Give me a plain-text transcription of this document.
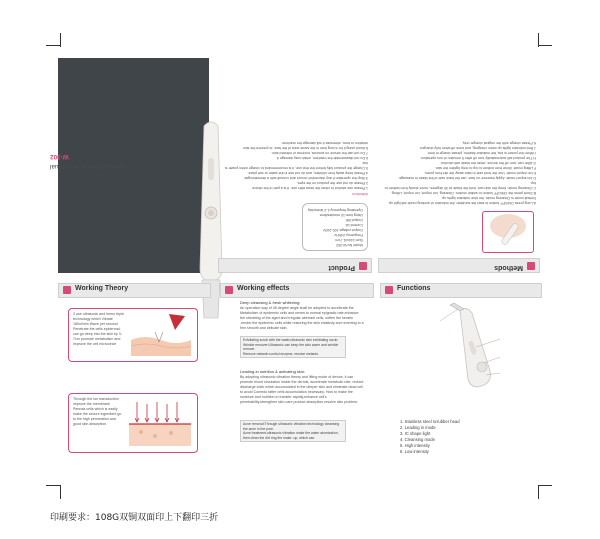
Skin scrubber user manual
W-302
Product
Model No:W-302
Size:144x41.7cm
Frequency:24KHz
Output voltage:100-240V
Current:1A
Output:3W
Using time:10 minutes/time
Operating frequency:1-2 times/day
Attention
1.Please use alcohol to clean the head after use. It is a part of the device.
2.Please do not use the product on the eyes.
3.Stop the operation if any discomfort occurs and consult with a dermatologist.
4.Please keep away from children, and do not use in the water or wet place.
5.Charge the product fully before the first use, it is recommended to charge when power is low.
6.Do not disassemble the machine, which may damage it.
7.Do not use the device on wounds, eczema or infected skin.
8.Avoid using it for a long time in the same area of the face, to prevent the skin
irritation or burn, otherwise it will damage the machine.
Methods
A.Long press ON/OFF button to start the scrubber, the indicator of working mode will light up.
Default mode is Cleaning mode, the blue indicator lights up.
B.Short press the ON/OFF button to switch modes: Cleaning, Ion import, Ion export, Lifting.
C.Cleaning mode: Keep the skin wet, hold the blade at 45 degrees, move slowly from bottom to top.
D.Ion import mode: Apply essence on face, use the back side of the blade to massage.
E.Ion export mode: Use the front side to take away the dirt from pores.
F.Lifting mode: Move from bottom to top to help tighten the skin.
G.After use, turn off the device, clean the blade with alcohol.
H.The product will automatically turn off after 5 minutes of non-operation.
I.When the power is low, the indicator flashes, please charge in time.
J.Red indicator lights up when charging, and turns off when fully charged.
K.Please charge with the original charger only.
Working Theory
3 use ultrasonic and hemo triple technology which Vibrate 180m/min Wave per second Penetrate the cells epidermal, can go deep into the skin by 3-7cm promote metabolism and improve the cell microcircle
Through the ion transduction improve the membrane Pennaa cells which is easily make the secure ingredient go to the high permeation and good skin absorption.
Working effects
Deep cleansing & fresh whitening:
An operation way of 45 degree angle shall be adopted to accelerate the Metabolism of epidermic cells and renew to normal epigradic rate,enhance the shedding of the aged and irregular aberrant cells, soften the keratin ,render the epidermic cells white restoring the skin elasticity and reverting to a firm smooth and delicate skin.
Exfoliating scrub with the water,ultrasonic skin exfoliating scrub.
Wrinkle remover:Ultrasonic can keep the skin warm and wrinkle remove.
Remove melanin:control enzyme, resolve melanin.
Leading-in nutrition & activating skin:
By adopting ultrasonic vibration theory and lifting mode of device, it can promote blood circulation inside the dermis, accelerate metabolic rate, reduce discharge toxin which accumulated in the deeper skin and eliminate dead cell to avoid Comedo fatter cells accumulation necessary. How to make the moisture and nutrition to transfer rapidly,enhance cell's penetrability,strengthen skin care product absorption,resolve skin problem.
Acne removal:Through ultrasonic vibration technology cleansing the acne in the pore.
Acne treatment:ultrasonic vibration make the water atomization, then clean the dirt ring the make- up, which can.
Functions
1. Stainless steel scrubber head
2. Leading in mode
3. IC shape light
4. Cleansing mode
5. High intensity
6. Low intensity
印刷要求：108G双铜双面印上下翻印三折
